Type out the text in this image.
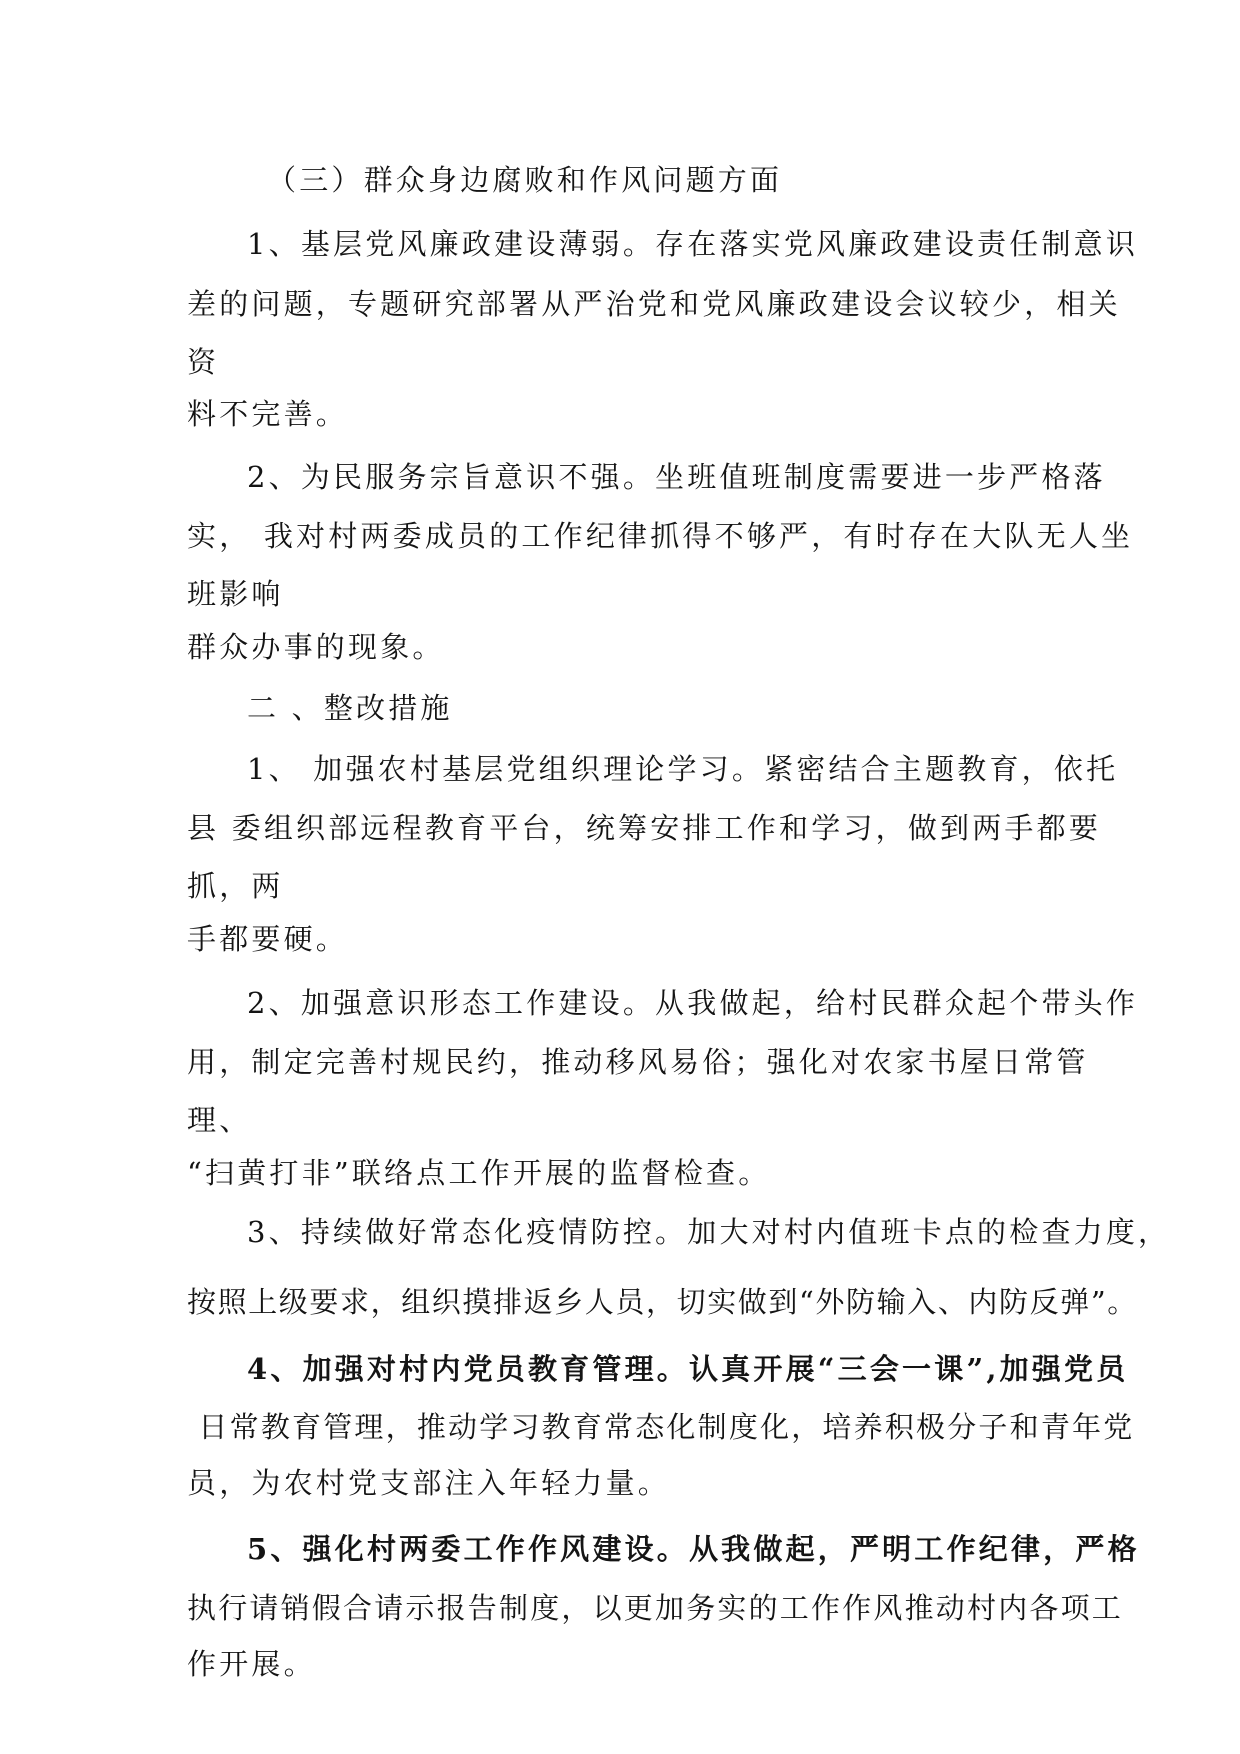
（三）群众身边腐败和作风问题方面
1、基层党风廉政建设薄弱。存在落实党风廉政建设责任制意识
差的问题，专题研究部署从严治党和党风廉政建设会议较少，相关
资
料不完善。
2、为民服务宗旨意识不强。坐班值班制度需要进一步严格落
实， 我对村两委成员的工作纪律抓得不够严，有时存在大队无人坐
班影响
群众办事的现象。
二 、整改措施
1、 加强农村基层党组织理论学习。紧密结合主题教育，依托
县 委组织部远程教育平台，统筹安排工作和学习，做到两手都要
抓，两
手都要硬。
2、加强意识形态工作建设。从我做起，给村民群众起个带头作
用，制定完善村规民约，推动移风易俗；强化对农家书屋日常管
理、
“扫黄打非”联络点工作开展的监督检查。
3、持续做好常态化疫情防控。加大对村内值班卡点的检查力度，
按照上级要求，组织摸排返乡人员，切实做到“外防输入、内防反弹”。
4、加强对村内党员教育管理。认真开展“三会一课”,加强党员
日常教育管理，推动学习教育常态化制度化，培养积极分子和青年党
员，为农村党支部注入年轻力量。
5、强化村两委工作作风建设。从我做起，严明工作纪律，严格
执行请销假合请示报告制度，以更加务实的工作作风推动村内各项工
作开展。
